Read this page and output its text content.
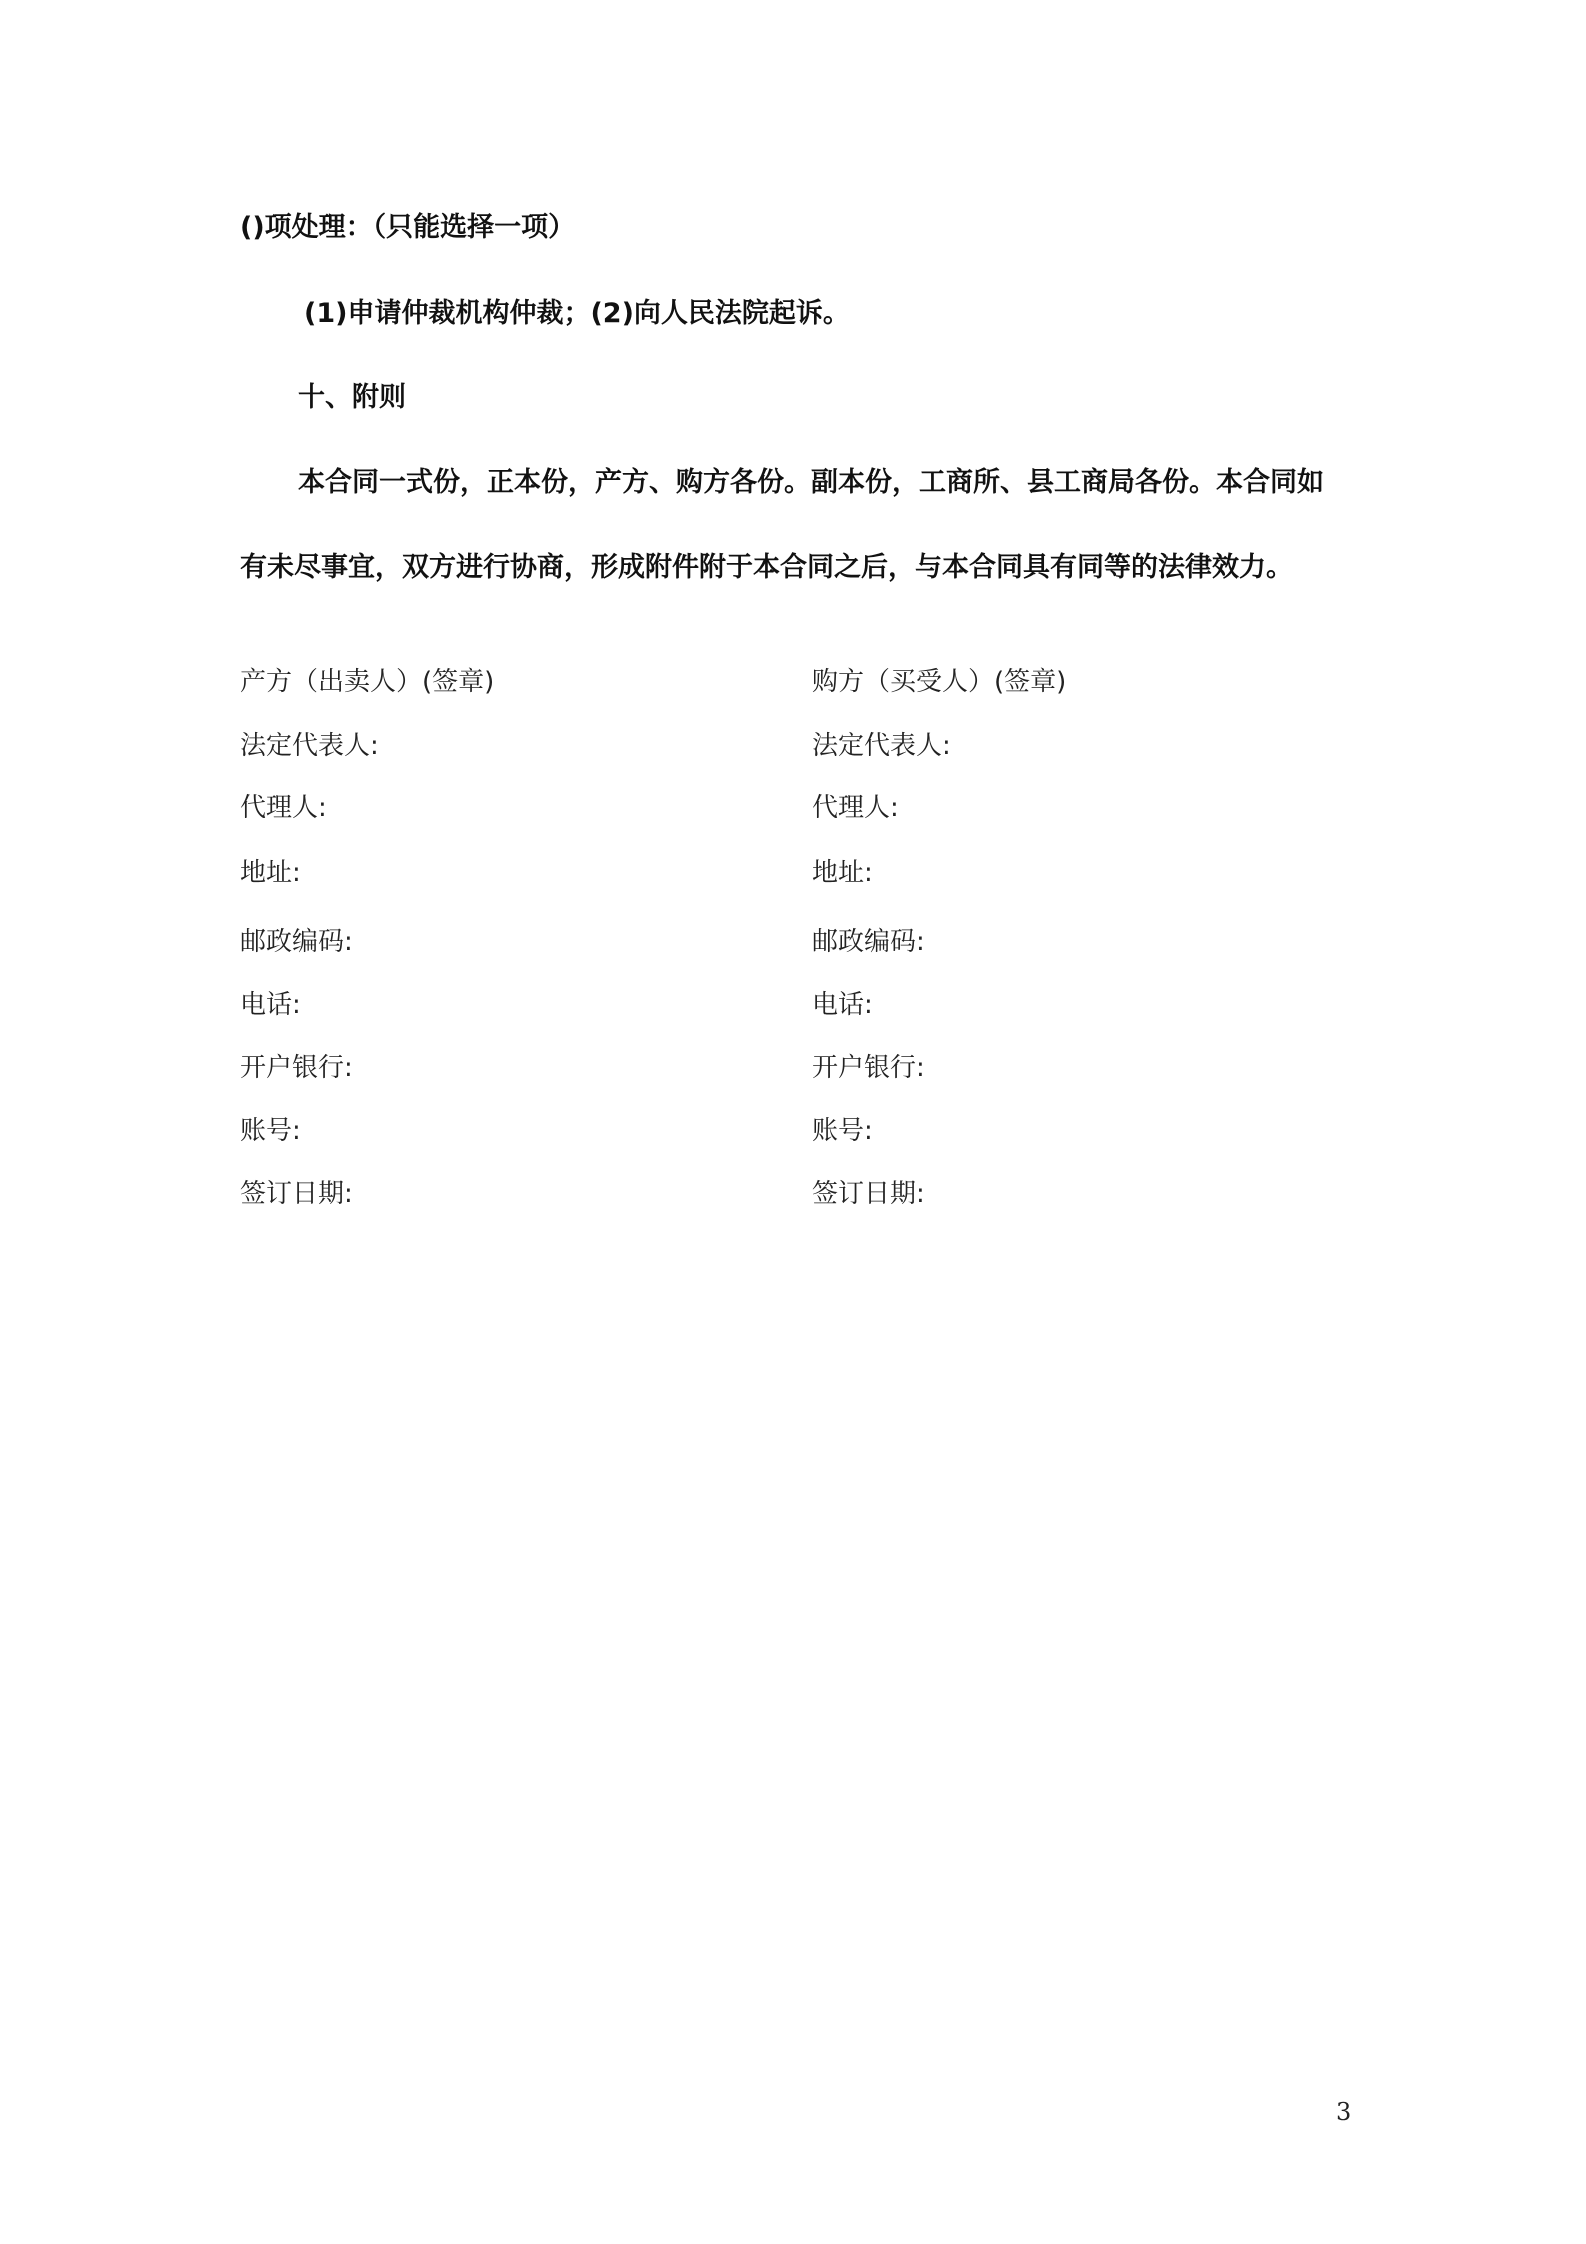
()项处理：（只能选择一项）
(1)申请仲裁机构仲裁；(2)向人民法院起诉。
十、附则
本合同一式份，正本份，产方、购方各份。副本份，工商所、县工商局各份。本合同如
有未尽事宜，双方进行协商，形成附件附于本合同之后，与本合同具有同等的法律效力。
产方（出卖人）(签章)
法定代表人:
代理人:
地址:
邮政编码:
电话:
开户银行:
账号:
签订日期:
购方（买受人）(签章)
法定代表人:
代理人:
地址:
邮政编码:
电话:
开户银行:
账号:
签订日期:
3
